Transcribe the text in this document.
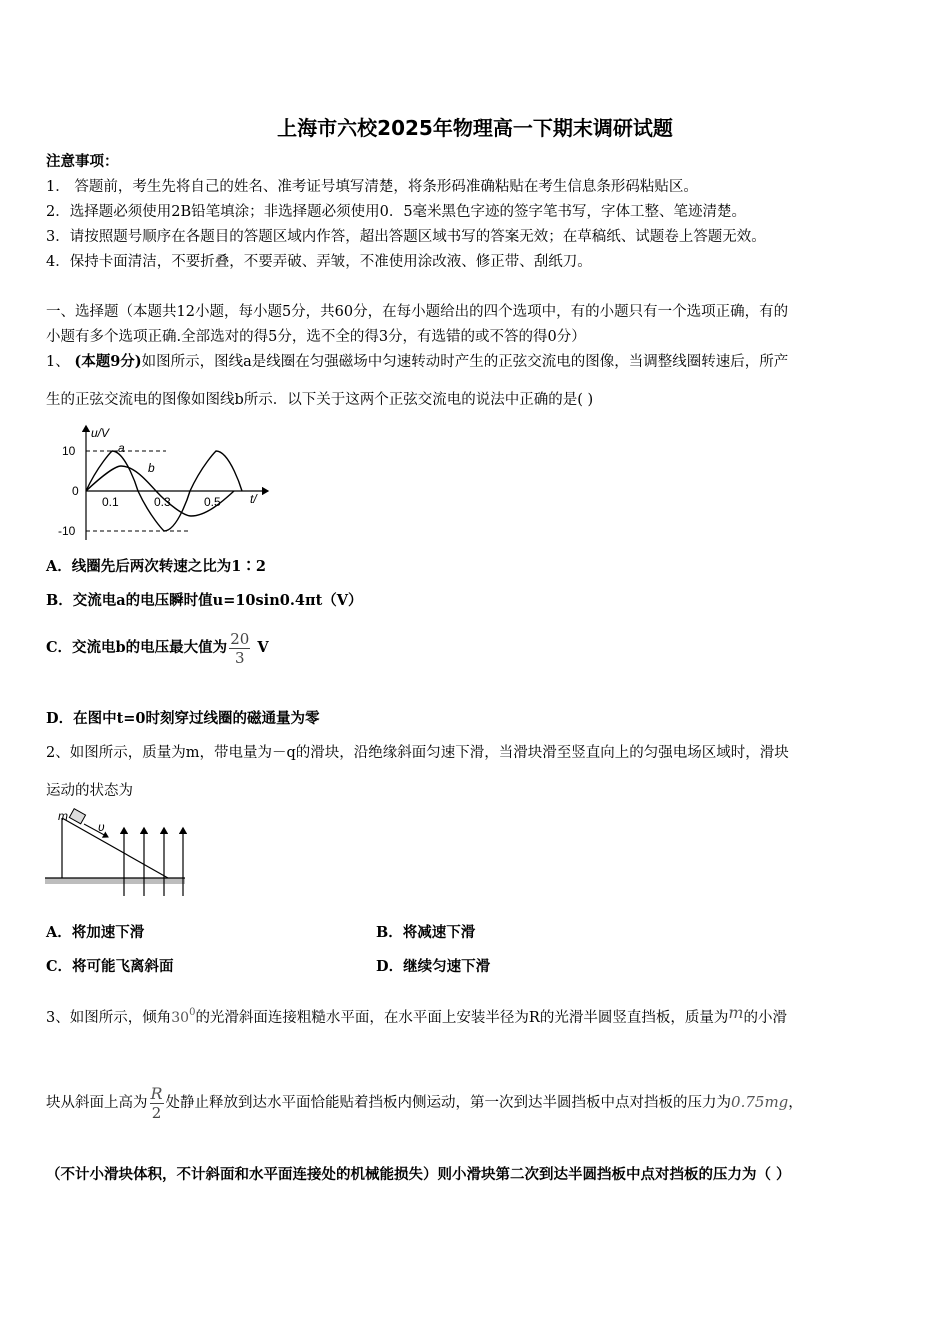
上海市六校2025年物理高一下期末调研试题
注意事项：
1． 答题前，考生先将自己的姓名、准考证号填写清楚，将条形码准确粘贴在考生信息条形码粘贴区。
2．选择题必须使用2B铅笔填涂；非选择题必须使用0．5毫米黑色字迹的签字笔书写，字体工整、笔迹清楚。
3．请按照题号顺序在各题目的答题区域内作答，超出答题区域书写的答案无效；在草稿纸、试题卷上答题无效。
4．保持卡面清洁，不要折叠，不要弄破、弄皱，不准使用涂改液、修正带、刮纸刀。
一、选择题（本题共12小题，每小题5分，共60分，在每小题给出的四个选项中，有的小题只有一个选项正确，有的
小题有多个选项正确.全部选对的得5分，选不全的得3分，有选错的或不答的得0分）
1、 (本题9分)如图所示，图线a是线圈在匀强磁场中匀速转动时产生的正弦交流电的图像，当调整线圈转速后，所产
生的正弦交流电的图像如图线b所示．以下关于这两个正弦交流电的说法中正确的是( )
u/V
t/
10
0
-10
0.1	0.3	0.5
a
b
A．线圈先后两次转速之比为1∶2
B．交流电a的电压瞬时值u=10sin0.4πt（V）
C．交流电b的电压最大值为 $\frac{20}{3}$ V
D．在图中t=0时刻穿过线圈的磁通量为零
2、如图所示，质量为m，带电量为－q的滑块，沿绝缘斜面匀速下滑，当滑块滑至竖直向上的匀强电场区域时，滑块
运动的状态为
m
υ
A．将加速下滑	B．将减速下滑
C．将可能飞离斜面	D．继续匀速下滑
3、如图所示，倾角$30^0$的光滑斜面连接粗糙水平面，在水平面上安装半径为R的光滑半圆竖直挡板，质量为m的小滑
块从斜面上高为 $\frac{R}{2}$ 处静止释放到达水平面恰能贴着挡板内侧运动，第一次到达半圆挡板中点对挡板的压力为0.75mg，
（不计小滑块体积，不计斜面和水平面连接处的机械能损失）则小滑块第二次到达半圆挡板中点对挡板的压力为（ ）
